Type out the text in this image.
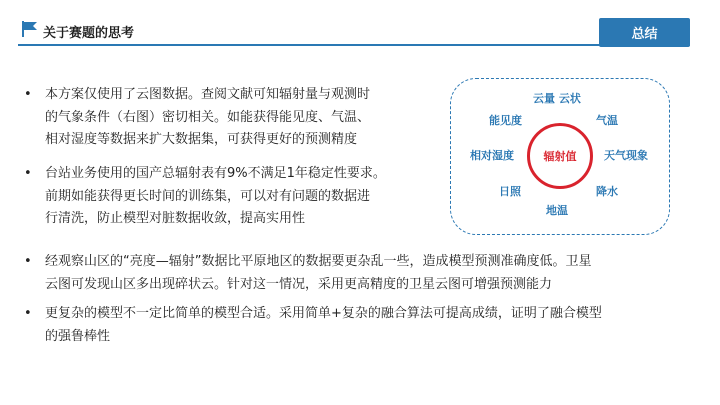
关于赛题的思考	总结
• 本方案仅使用了云图数据。查阅文献可知辐射量与观测时
的气象条件（右图）密切相关。如能获得能见度、气温、
相对湿度等数据来扩大数据集，可获得更好的预测精度
• 台站业务使用的国产总辐射表有9%不满足1年稳定性要求。
前期如能获得更长时间的训练集，可以对有问题的数据进
行清洗，防止模型对脏数据收敛，提高实用性
• 经观察山区的“亮度—辐射”数据比平原地区的数据要更杂乱一些，造成模型预测准确度低。卫星
云图可发现山区多出现碎状云。针对这一情况，采用更高精度的卫星云图可增强预测能力
• 更复杂的模型不一定比简单的模型合适。采用简单+复杂的融合算法可提高成绩，证明了融合模型
的强鲁棒性
辐射值
云量 云状
能见度	气温
相对湿度	天气现象
日照	降水
地温
